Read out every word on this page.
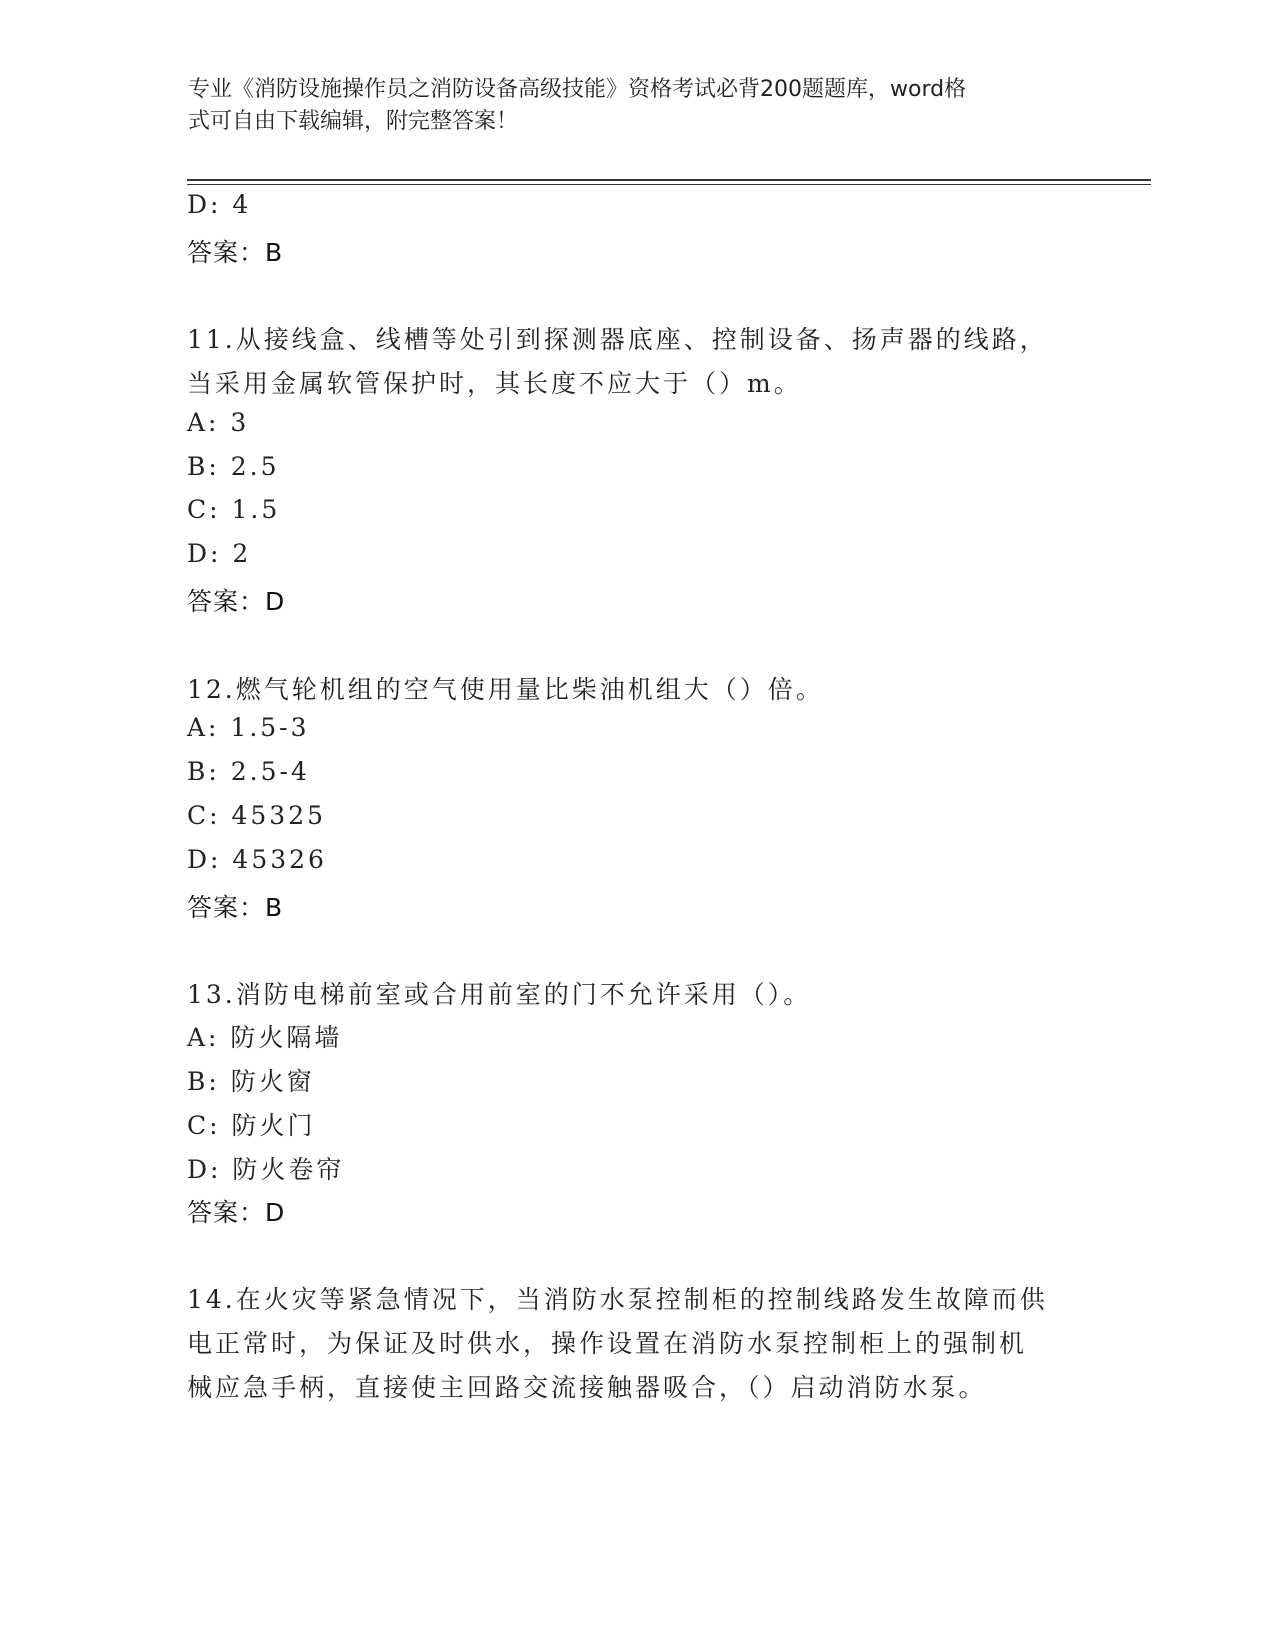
专业《消防设施操作员之消防设备高级技能》资格考试必背200题题库，word格
式可自由下载编辑，附完整答案！
D: 4
答案：B
11.从接线盒、线槽等处引到探测器底座、控制设备、扬声器的线路，
当采用金属软管保护时，其长度不应大于（）m。
A: 3
B: 2.5
C: 1.5
D: 2
答案：D
12.燃气轮机组的空气使用量比柴油机组大（）倍。
A: 1.5-3
B: 2.5-4
C: 45325
D: 45326
答案：B
13.消防电梯前室或合用前室的门不允许采用（）。
A: 防火隔墙
B: 防火窗
C: 防火门
D: 防火卷帘
答案：D
14.在火灾等紧急情况下，当消防水泵控制柜的控制线路发生故障而供
电正常时，为保证及时供水，操作设置在消防水泵控制柜上的强制机
械应急手柄，直接使主回路交流接触器吸合，（）启动消防水泵。
